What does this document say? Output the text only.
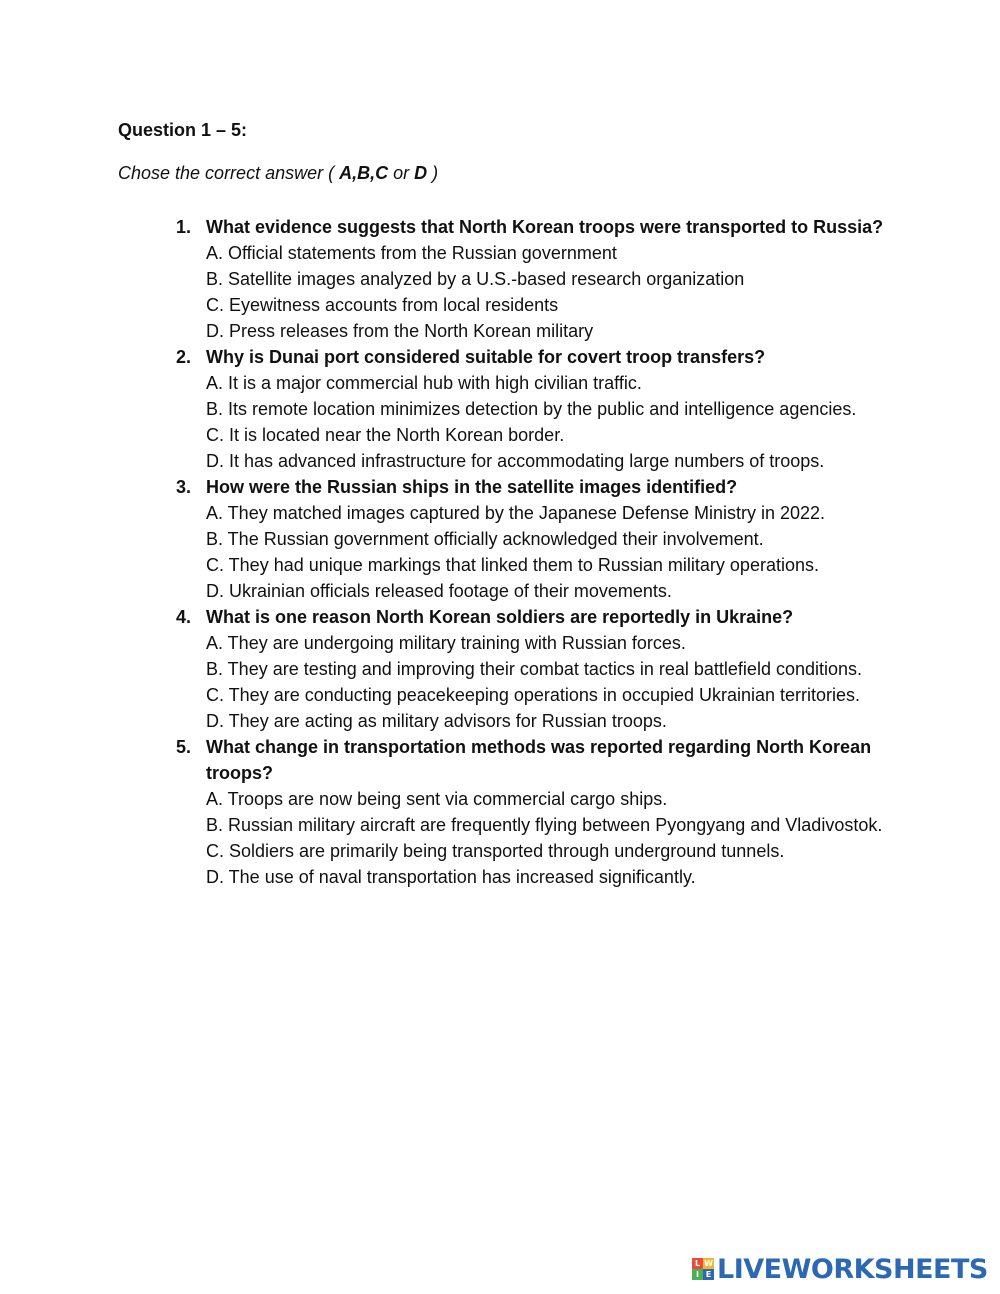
Question 1 – 5:

Chose the correct answer ( A,B,C or D )

1. What evidence suggests that North Korean troops were transported to Russia?
A. Official statements from the Russian government
B. Satellite images analyzed by a U.S.-based research organization
C. Eyewitness accounts from local residents
D. Press releases from the North Korean military
2. Why is Dunai port considered suitable for covert troop transfers?
A. It is a major commercial hub with high civilian traffic.
B. Its remote location minimizes detection by the public and intelligence agencies.
C. It is located near the North Korean border.
D. It has advanced infrastructure for accommodating large numbers of troops.
3. How were the Russian ships in the satellite images identified?
A. They matched images captured by the Japanese Defense Ministry in 2022.
B. The Russian government officially acknowledged their involvement.
C. They had unique markings that linked them to Russian military operations.
D. Ukrainian officials released footage of their movements.
4. What is one reason North Korean soldiers are reportedly in Ukraine?
A. They are undergoing military training with Russian forces.
B. They are testing and improving their combat tactics in real battlefield conditions.
C. They are conducting peacekeeping operations in occupied Ukrainian territories.
D. They are acting as military advisors for Russian troops.
5. What change in transportation methods was reported regarding North Korean troops?
A. Troops are now being sent via commercial cargo ships.
B. Russian military aircraft are frequently flying between Pyongyang and Vladivostok.
C. Soldiers are primarily being transported through underground tunnels.
D. The use of naval transportation has increased significantly.
L W
I E LIVEWORKSHEETS
